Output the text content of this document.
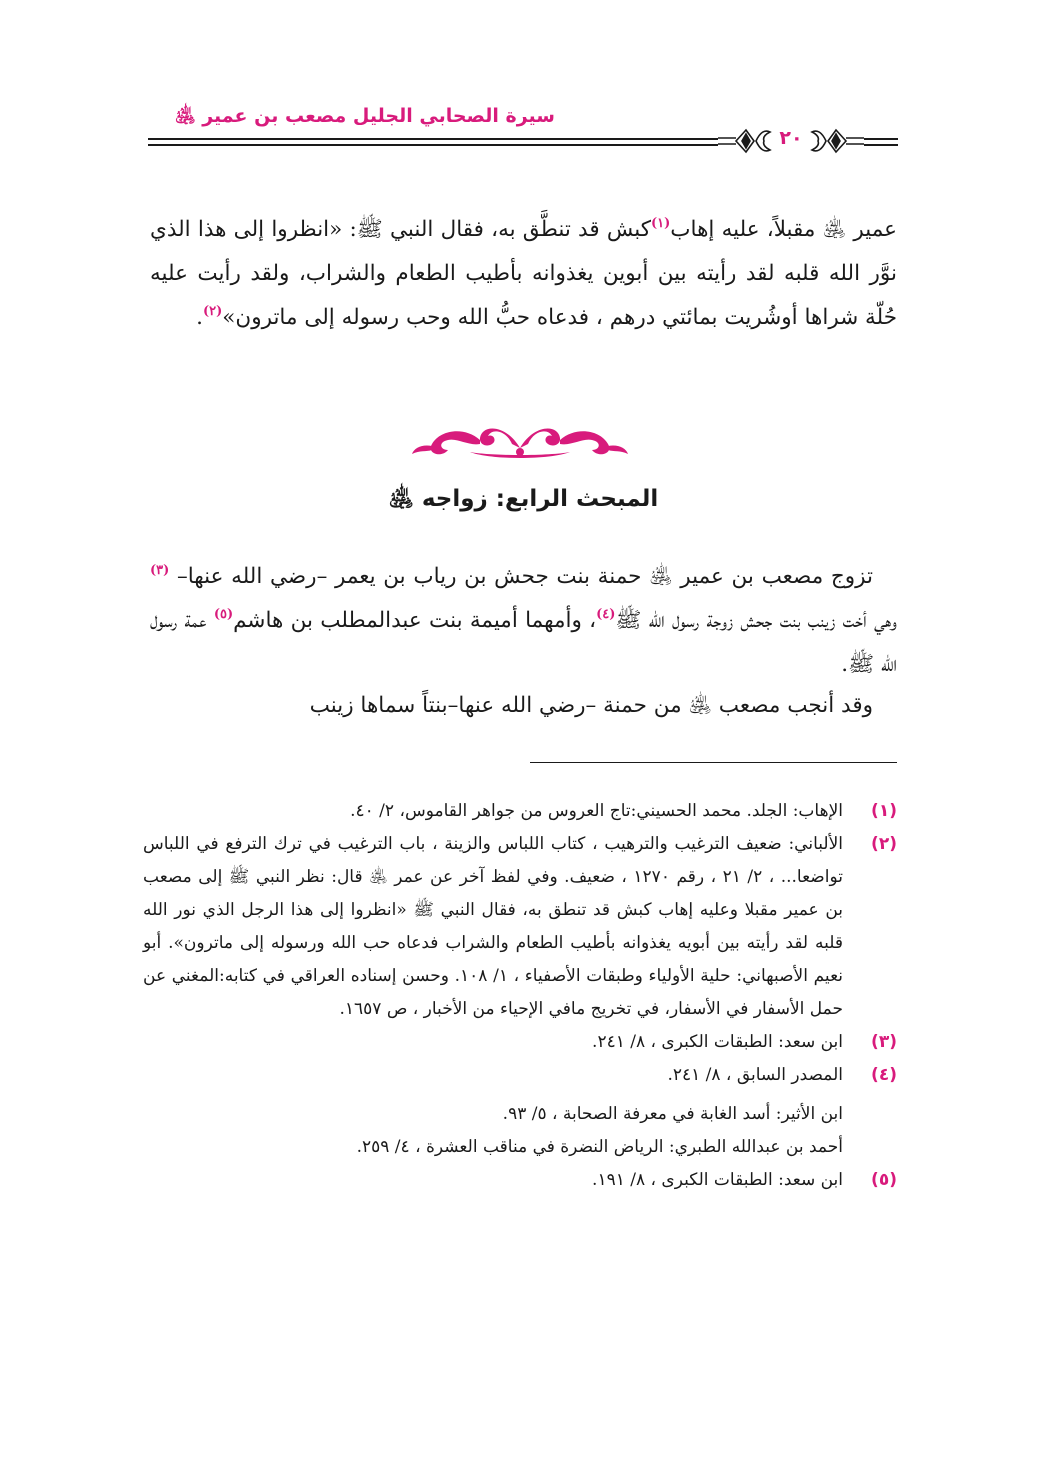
سيرة الصحابي الجليل مصعب بن عمير ﵁
٢٠
عمير ﵁ مقبلاً، عليه إهاب$^{(١)}$كبش قد تنطَّق به، فقال النبي ﷺ: «انظروا إلى هذا الذي نوَّر الله قلبه لقد رأيته بين أبوين يغذوانه بأطيب الطعام والشراب، ولقد رأيت عليه حُلّة شراها أوشُريت بمائتي درهم ، فدعاه حبُّ الله وحب رسوله إلى ماترون»$^{(٢)}$.
المبحث الرابع: زواجه ﵁
تزوج مصعب بن عمير ﵁ حمنة بنت جحش بن رياب بن يعمر –رضي الله عنها– $^{(٣)}$ وهي أخت زينب بنت جحش زوجة رسول الله ﷺ$^{(٤)}$، وأمهما أميمة بنت عبدالمطلب بن هاشم$^{(٥)}$ عمة رسول الله ﷺ.
وقد أنجب مصعب ﵁ من حمنة –رضي الله عنها–بنتاً سماها زينب
(١)
الإهاب: الجلد. محمد الحسيني:تاج العروس من جواهر القاموس، ٢/ ٤٠.
(٢)
الألباني: ضعيف الترغيب والترهيب ، كتاب اللباس والزينة ، باب الترغيب في ترك الترفع في اللباس تواضعا... ، ٢/ ٢١ ، رقم ١٢٧٠ ، ضعيف. وفي لفظ آخر عن عمر ﵁ قال: نظر النبي ﷺ إلى مصعب بن عمير مقبلا وعليه إهاب كبش قد تنطق به، فقال النبي ﷺ «انظروا إلى هذا الرجل الذي نور الله قلبه لقد رأيته بين أبويه يغذوانه بأطيب الطعام والشراب فدعاه حب الله ورسوله إلى ماترون». أبو نعيم الأصبهاني: حلية الأولياء وطبقات الأصفياء ، ١/ ١٠٨. وحسن إسناده العراقي في كتابه:المغني عن حمل الأسفار في الأسفار، في تخريج مافي الإحياء من الأخبار ، ص ١٦٥٧.
(٣)
ابن سعد: الطبقات الكبرى ، ٨/ ٢٤١.
(٤)
المصدر السابق ، ٨/ ٢٤١.
ابن الأثير: أسد الغابة في معرفة الصحابة ، ٥/ ٩٣.
أحمد بن عبدالله الطبري: الرياض النضرة في مناقب العشرة ، ٤/ ٢٥٩.
(٥)
ابن سعد: الطبقات الكبرى ، ٨/ ١٩١.
